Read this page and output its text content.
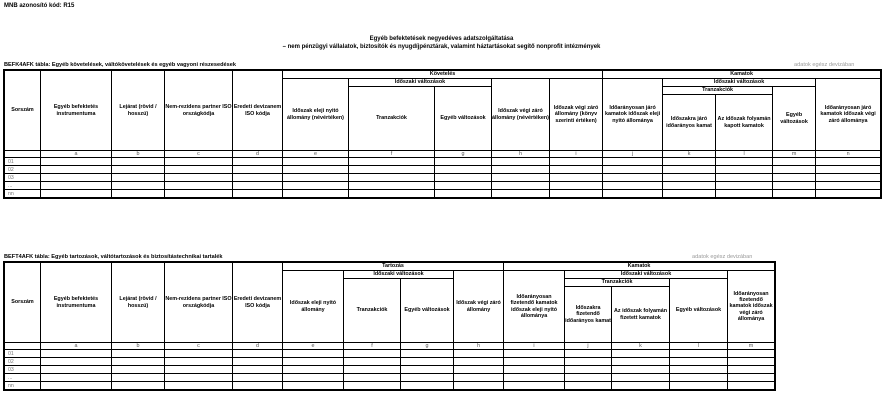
MNB azonosító kód: R15
Egyéb befektetések negyedéves adatszolgáltatása
– nem pénzügyi vállalatok, biztosítók és nyugdíjpénztárak, valamint háztartásokat segítő nonprofit intézmények
BEFK4AFK tábla: Egyéb követelések, váltókövetelések és egyéb vagyoni részesedések	adatok egész devizában
Sorszám	Egyéb befektetés instrumentuma	Lejárat (rövid / hosszú)	Nem-rezidens partner ISO országkódja	Eredeti devizanem ISO kódja	Követelés					Kamatok				
					Időszak eleji nyitó állomány (névértéken)	Időszaki változások		Időszak végi záró állomány (névértéken)	Időszak végi záró állomány (könyv szerinti értéken)	Időarányosan járó kamatok időszak eleji nyitó állománya	Időszaki változások			Időarányosan járó kamatok időszak végi záró állománya
						Tranzakciók	Egyéb változások				Tranzakciók		Egyéb változások	
											Időszakra járó időarányos kamat	Az időszak folyamán kapott kamatok		
	a	b	c	d	e	f	g	h	i	j	k	l	m	n
01														
02														
03														
...														
nn														
BEFT4AFK tábla: Egyéb tartozások, váltótartozások és biztosítástechnikai tartalék	adatok egész devizában
Sorszám	Egyéb befektetés instrumentuma	Lejárat (rövid / hosszú)	Nem-rezidens partner ISO országkódja	Eredeti devizanem ISO kódja	Tartozás				Kamatok				
					Időszak eleji nyitó állomány	Időszaki változások		Időszak végi záró állomány	Időarányosan fizetendő kamatok időszak eleji nyitó állománya	Időszaki változások			Időarányosan fizetendő kamatok időszak végi záró állománya
						Tranzakciók	Egyéb változások			Tranzakciók		Egyéb változások	
										Időszakra fizetendő időarányos kamat	Az időszak folyamán fizetett kamatok		
	a	b	c	d	e	f	g	h	i	j	k	l	m
01													
02													
03													
...													
nn													
